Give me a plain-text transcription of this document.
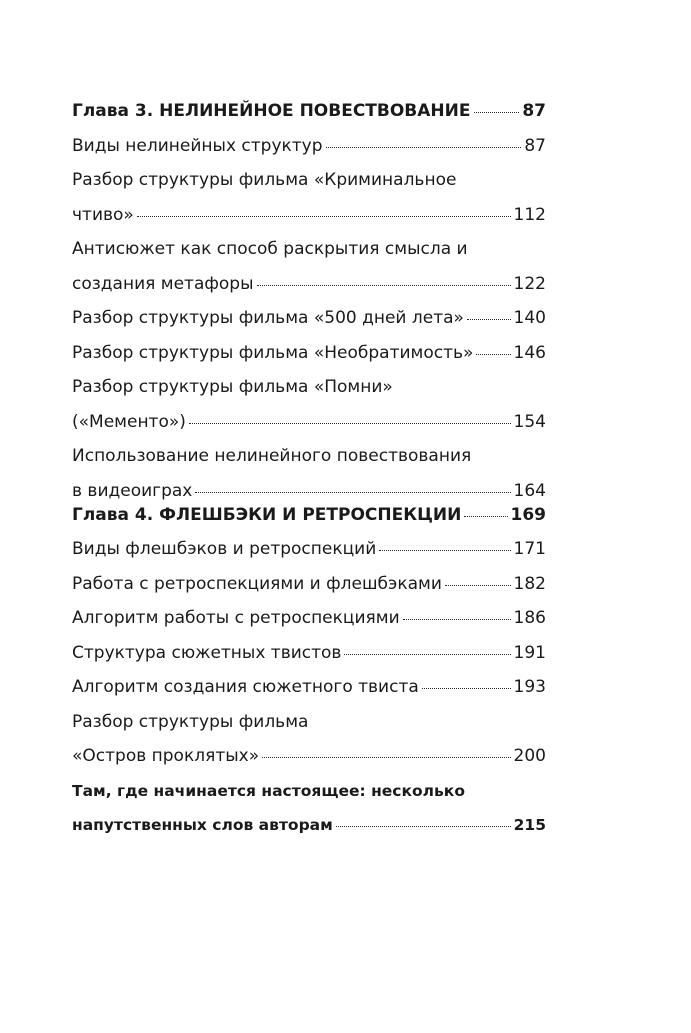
Глава 3. НЕЛИНЕЙНОЕ ПОВЕСТВОВАНИЕ	87
Виды нелинейных структур	87
Разбор структуры фильма «Криминальное
чтиво»	112
Антисюжет как способ раскрытия смысла и
создания метафоры	122
Разбор структуры фильма «500 дней лета»	140
Разбор структуры фильма «Необратимость» 146
Разбор структуры фильма «Помни»
(«Мементо»)	154
Использование нелинейного повествования
в видеоиграх	164
Глава 4. ФЛЕШБЭКИ И РЕТРОСПЕКЦИИ	169
Виды флешбэков и ретроспекций	171
Работа с ретроспекциями и флешбэками	182
Алгоритм работы с ретроспекциями	186
Структура сюжетных твистов	191
Алгоритм создания сюжетного твиста	193
Разбор структуры фильма
«Остров проклятых»	200
Там, где начинается настоящее: несколько
напутственных слов авторам	215
